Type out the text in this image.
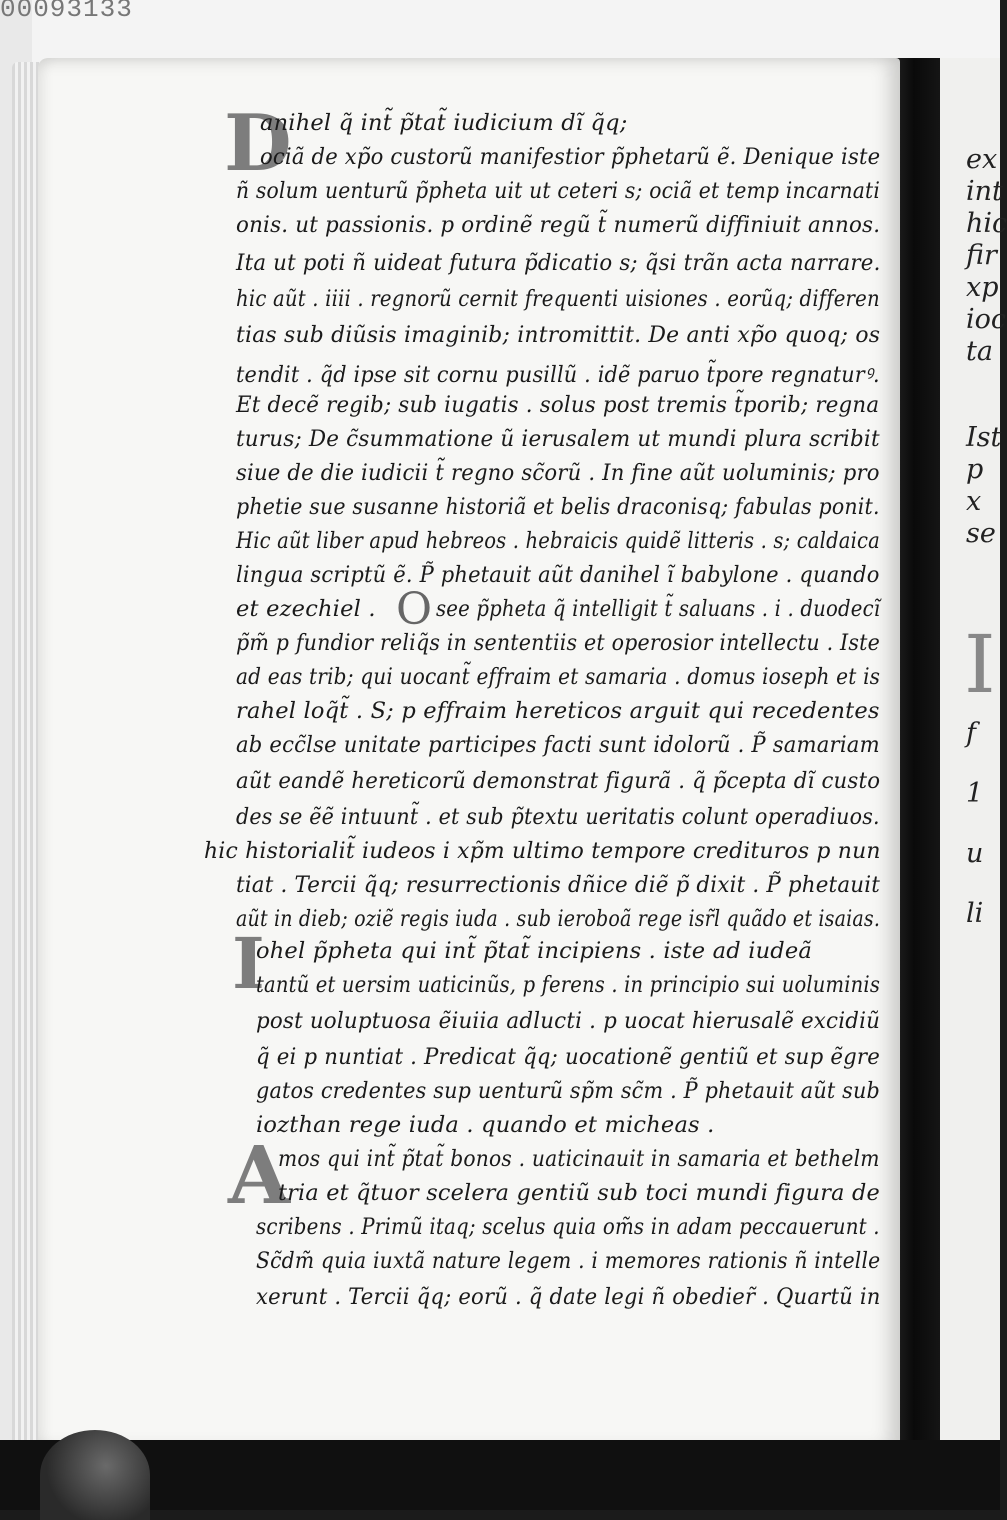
00093133
ex
int
hic
fir
xp
ioc
ta
Ist
p
x
se
I
f
1
u
li
D
anihel q̃ int̃ p̃tat̃ iudicium dĩ q̃q;
ociã de xp̃o custorũ manifestior p̃phetarũ ẽ. Denique iste
ñ solum uenturũ p̃pheta uit ut ceteri s; ociã et temp incarnati
onis. ut passionis. p ordinẽ regũ t̃ numerũ diffiniuit annos.
Ita ut poti ñ uideat futura p̃dicatio s; q̃si trãn acta narrare.
hic aũt . iiii . regnorũ cernit frequenti uisiones . eorũq; differen
tias sub diũsis imaginib; intromittit. De anti xp̃o quoq; os
tendit . q̃d ipse sit cornu pusillũ . idẽ paruo t̃pore regnaturꝰ.
Et decẽ regib; sub iugatis . solus post tremis t̃porib; regna
turus; De c̃summatione ũ ierusalem ut mundi plura scribit
siue de die iudicii t̃ regno sc̃orũ . In fine aũt uoluminis; pro
phetie sue susanne historiã et belis draconisq; fabulas ponit.
Hic aũt liber apud hebreos . hebraicis quidẽ litteris . s; caldaica
lingua scriptũ ẽ. P̃ phetauit aũt danihel ĩ babylone . quando
et ezechiel . O see p̃pheta q̃ intelligit t̃ saluans . i . duodecĩ
p̃m̃ p fundior reliq̃s in sententiis et operosior intellectu . Iste
ad eas trib; qui uocant̃ effraim et samaria . domus ioseph et is
rahel loq̃t̃ . S; p effraim hereticos arguit qui recedentes
ab ecc̃lse unitate participes facti sunt idolorũ . P̃ samariam
aũt eandẽ hereticorũ demonstrat figurã . q̃ p̃cepta dĩ custo
des se ẽẽ intuunt̃ . et sub p̃textu ueritatis colunt operadiuos.
hic historialit̃ iudeos i xp̃m ultimo tempore credituros p nun
tiat . Tercii q̃q; resurrectionis dñice diẽ p̃ dixit . P̃ phetauit
aũt in dieb; oziẽ regis iuda . sub ieroboã rege isr̃l quãdo et isaias.
I
ohel p̃pheta qui int̃ p̃tat̃ incipiens . iste ad iudeã
tantũ et uersim uaticinũs, p ferens . in principio sui uoluminis
post uoluptuosa ẽiuiia adlucti . p uocat hierusalẽ excidiũ
q̃ ei p nuntiat . Predicat q̃q; uocationẽ gentiũ et sup ẽgre
gatos credentes sup uenturũ sp̃m sc̃m . P̃ phetauit aũt sub
iozthan rege iuda . quando et micheas .
A
mos qui int̃ p̃tat̃ bonos . uaticinauit in samaria et bethelm
tria et q̃tuor scelera gentiũ sub toci mundi figura de
scribens . Primũ itaq; scelus quia om̃s in adam peccauerunt .
Sc̃dm̃ quia iuxtã nature legem . i memores rationis ñ intelle
xerunt . Tercii q̃q; eorũ . q̃ date legi ñ obedier̃ . Quartũ in
